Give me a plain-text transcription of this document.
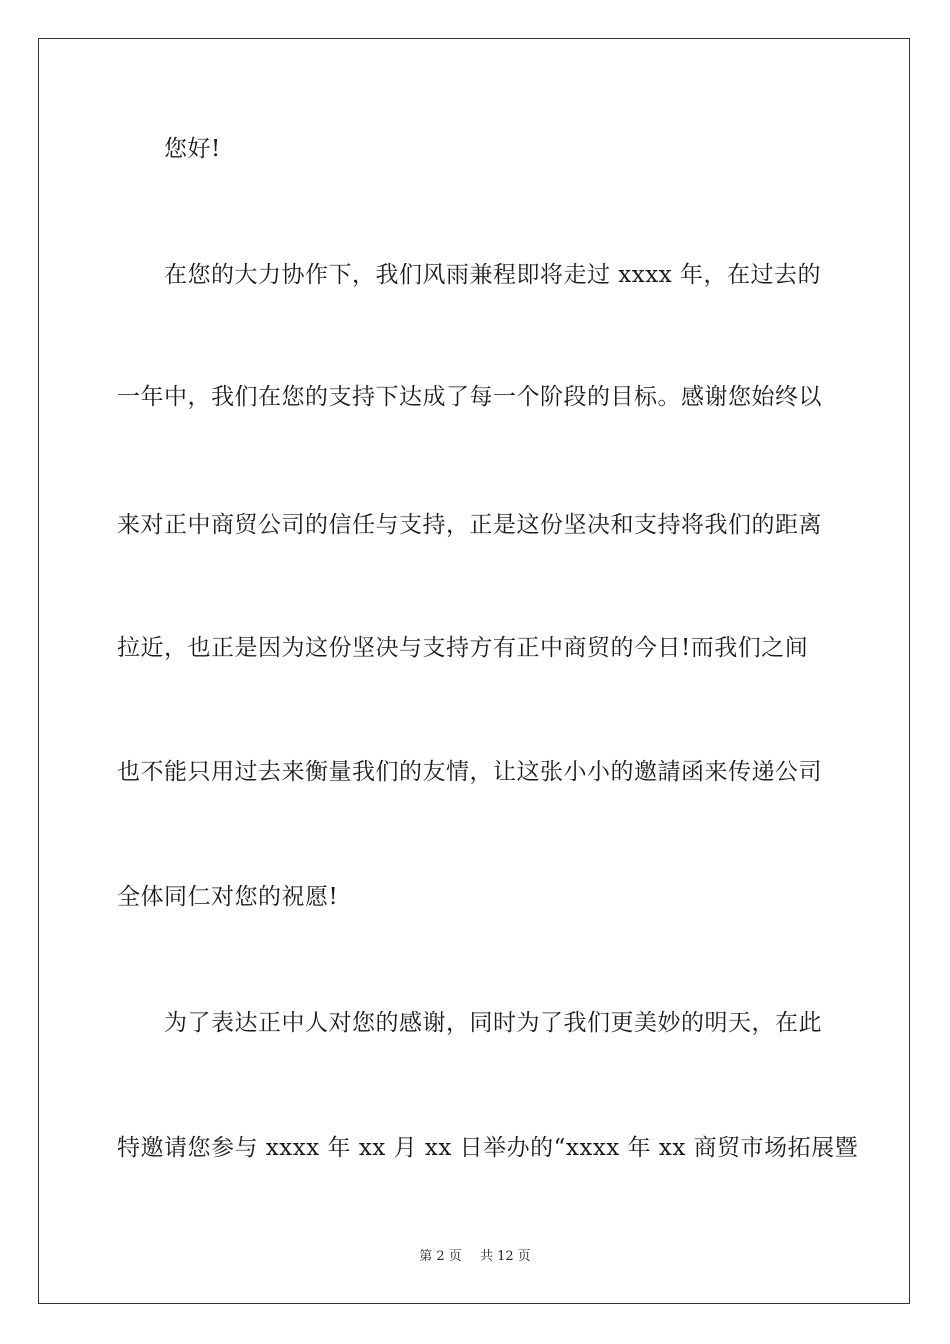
您好!
在您的大力协作下，我们风雨兼程即将走过 xxxx 年，在过去的
一年中，我们在您的支持下达成了每一个阶段的目标。感谢您始终以
来对正中商贸公司的信任与支持，正是这份坚决和支持将我们的距离
拉近，也正是因为这份坚决与支持方有正中商贸的今日!而我们之间
也不能只用过去来衡量我们的友情，让这张小小的邀請函来传递公司
全体同仁对您的祝愿!
为了表达正中人对您的感谢，同时为了我们更美妙的明天，在此
特邀请您参与 xxxx 年 xx 月 xx 日举办的“xxxx 年 xx 商贸市场拓展暨
第 2 页 共 12 页
